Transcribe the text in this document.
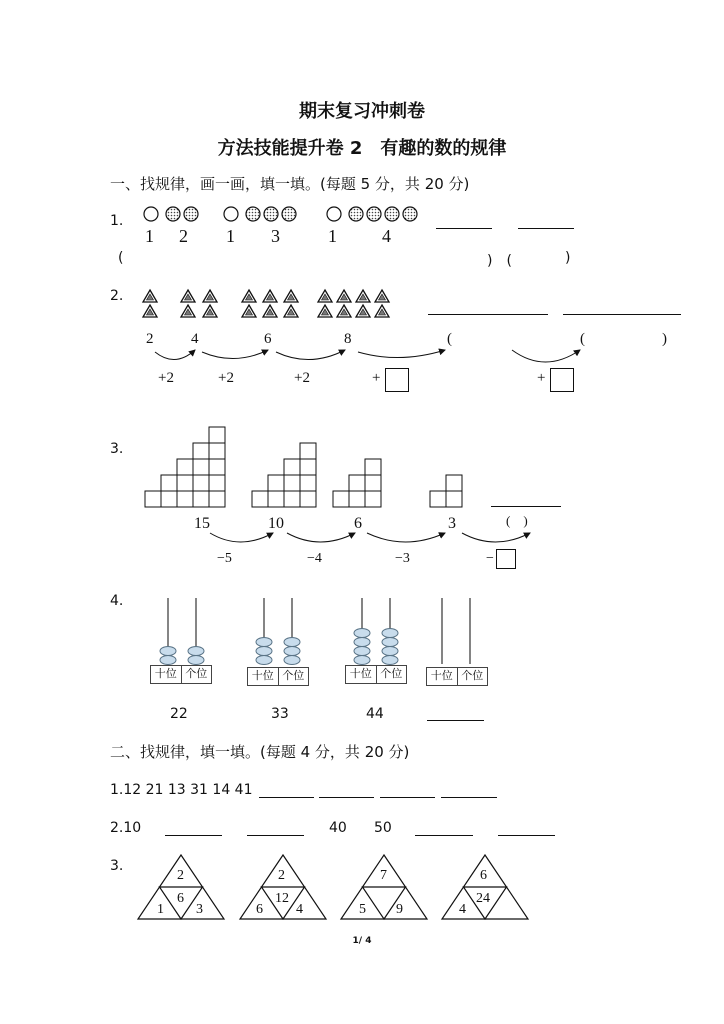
期末复习冲刺卷
方法技能提升卷 2　有趣的数的规律
一、找规律，画一画，填一填。(每题 5 分，共 20 分)
1.
1 2 1 3	1	4
(	)　(	)
2.
2	4	6	8	(	(	)
+2	+2	+2	+	+
3.
15	10	6	3	(　)
−5	−4	−3	−
4.
十位 个位	十位 个位	十位 个位	十位 个位
22	33	44
二、找规律，填一填。(每题 4 分，共 20 分)
1.12 21 13 31 14 41
2.10	40 50
3.
2
6
1 3
2
12
6 4
7
5 9
6
24
4
1/ 4
